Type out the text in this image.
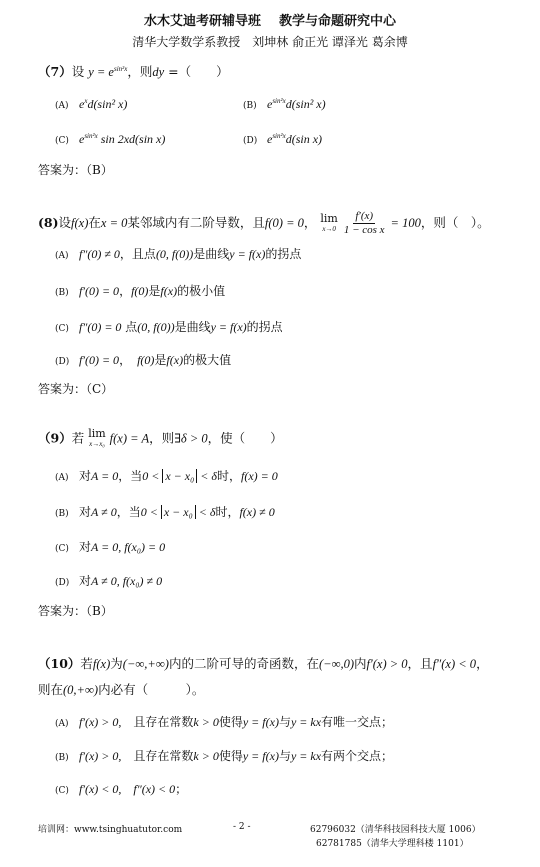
水木艾迪考研辅导班 教学与命题研究中心
清华大学数学系教授　刘坤林 俞正光 谭泽光 葛余博
（7）设 $y = e^{sin^2x}$，则dy =（　　）
(A) $e^xd(\sin^2$ x)	(B) $e^{sin^2x}d(\sin^2$ x)
(C) $e^{sin^2x}$ sin 2xd(sin x)	(D) $e^{sin^2x}d(\sin$ x)
答案为：（B）
(8)设f(x)在x = 0某邻域内有二阶导数，且f(0) = 0， lim
x→0
$\frac{f'(x)}{\text{1 − cos x}} = 100$，则（　）。
(A) f″(0) ≠ 0，且点(0, f(0))是曲线y = f(x)的拐点
(B) f′(0) = 0，f(0)是f(x)的极小值
(C) f″(0) = 0 点(0, f(0))是曲线y = f(x)的拐点
(D) f′(0) = 0，　f(0)是f(x)的极大值
答案为：（C）
（9）若 lim
x→x₀ f(x) = A，则∃δ > 0，使（　　）
(A) 对A = 0，当0 < x − x₀ < δ时，f(x) = 0
(B) 对A ≠ 0，当0 < x − x₀ < δ时，f(x) ≠ 0
(C) 对A = 0, f(x₀) = 0
(D) 对A ≠ 0, f(x₀) ≠ 0
答案为：（B）
（10）若f(x)为(−∞,+∞)内的二阶可导的奇函数，在(−∞,0)内f′(x) > 0，且f″(x) < 0，
则在(0,+∞)内必有（　　　）。
(A) f′(x) > 0,　 且存在常数k > 0使得y = f(x)与y = kx有唯一交点；
(B) f′(x) > 0,　 且存在常数k > 0使得y = f(x)与y = kx有两个交点；
(C) f′(x) < 0,　f″(x) < 0；
培训网：www.tsinghuatutor.com	- 2 -	62796032（清华科技园科技大厦 1006）
62781785（清华大学理科楼 1101）
